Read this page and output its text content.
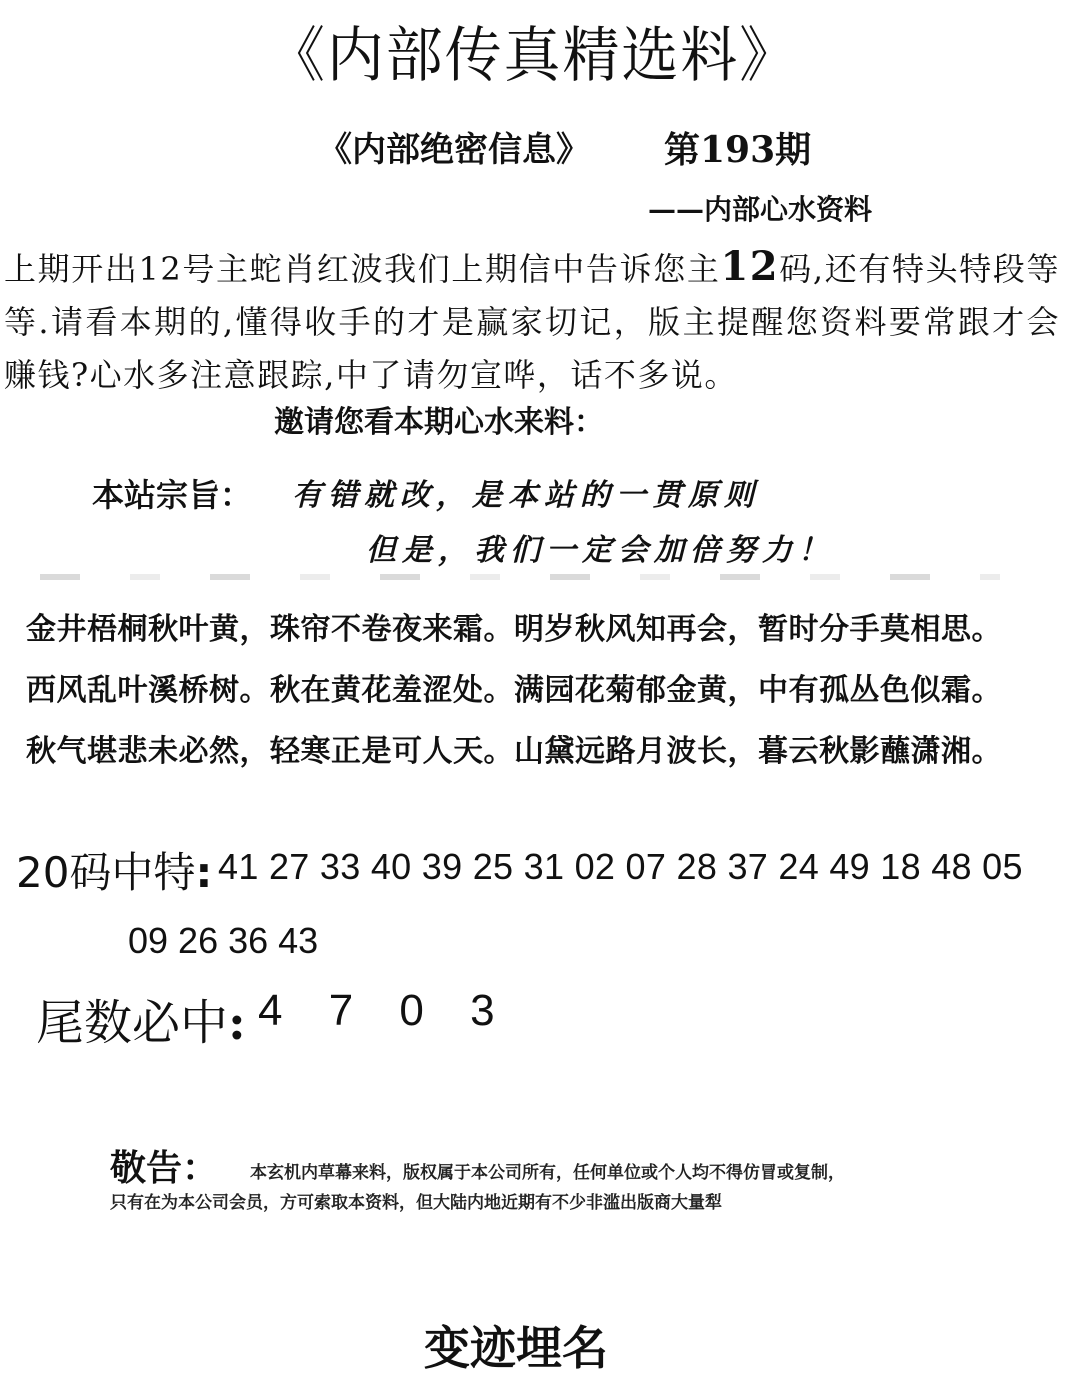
《内部传真精选料》
《内部绝密信息》 第193期
——内部心水资料
上期开出12号主蛇肖红波我们上期信中告诉您主12码,还有特头特段等等.请看本期的,懂得收手的才是赢家切记，版主提醒您资料要常跟才会赚钱?心水多注意跟踪,中了请勿宣哗，话不多说。
邀请您看本期心水来料：
本站宗旨： 有错就改，是本站的一贯原则
但是，我们一定会加倍努力！
金井梧桐秋叶黄，珠帘不卷夜来霜。明岁秋风知再会，暂时分手莫相思。
西风乱叶溪桥树。秋在黄花羞涩处。满园花菊郁金黄，中有孤丛色似霜。
秋气堪悲未必然，轻寒正是可人天。山黛远路月波长，暮云秋影蘸潇湘。
20码中特: 41 27 33 40 39 25 31 02 07 28 37 24 49 18 48 05
09 26 36 43
尾数必中: 4 7 0 3
敬告： 本玄机内草幕来料，版权属于本公司所有，任何单位或个人均不得仿冒或复制，
只有在为本公司会员，方可索取本资料，但大陆内地近期有不少非滥出版商大量犁
变迹埋名
